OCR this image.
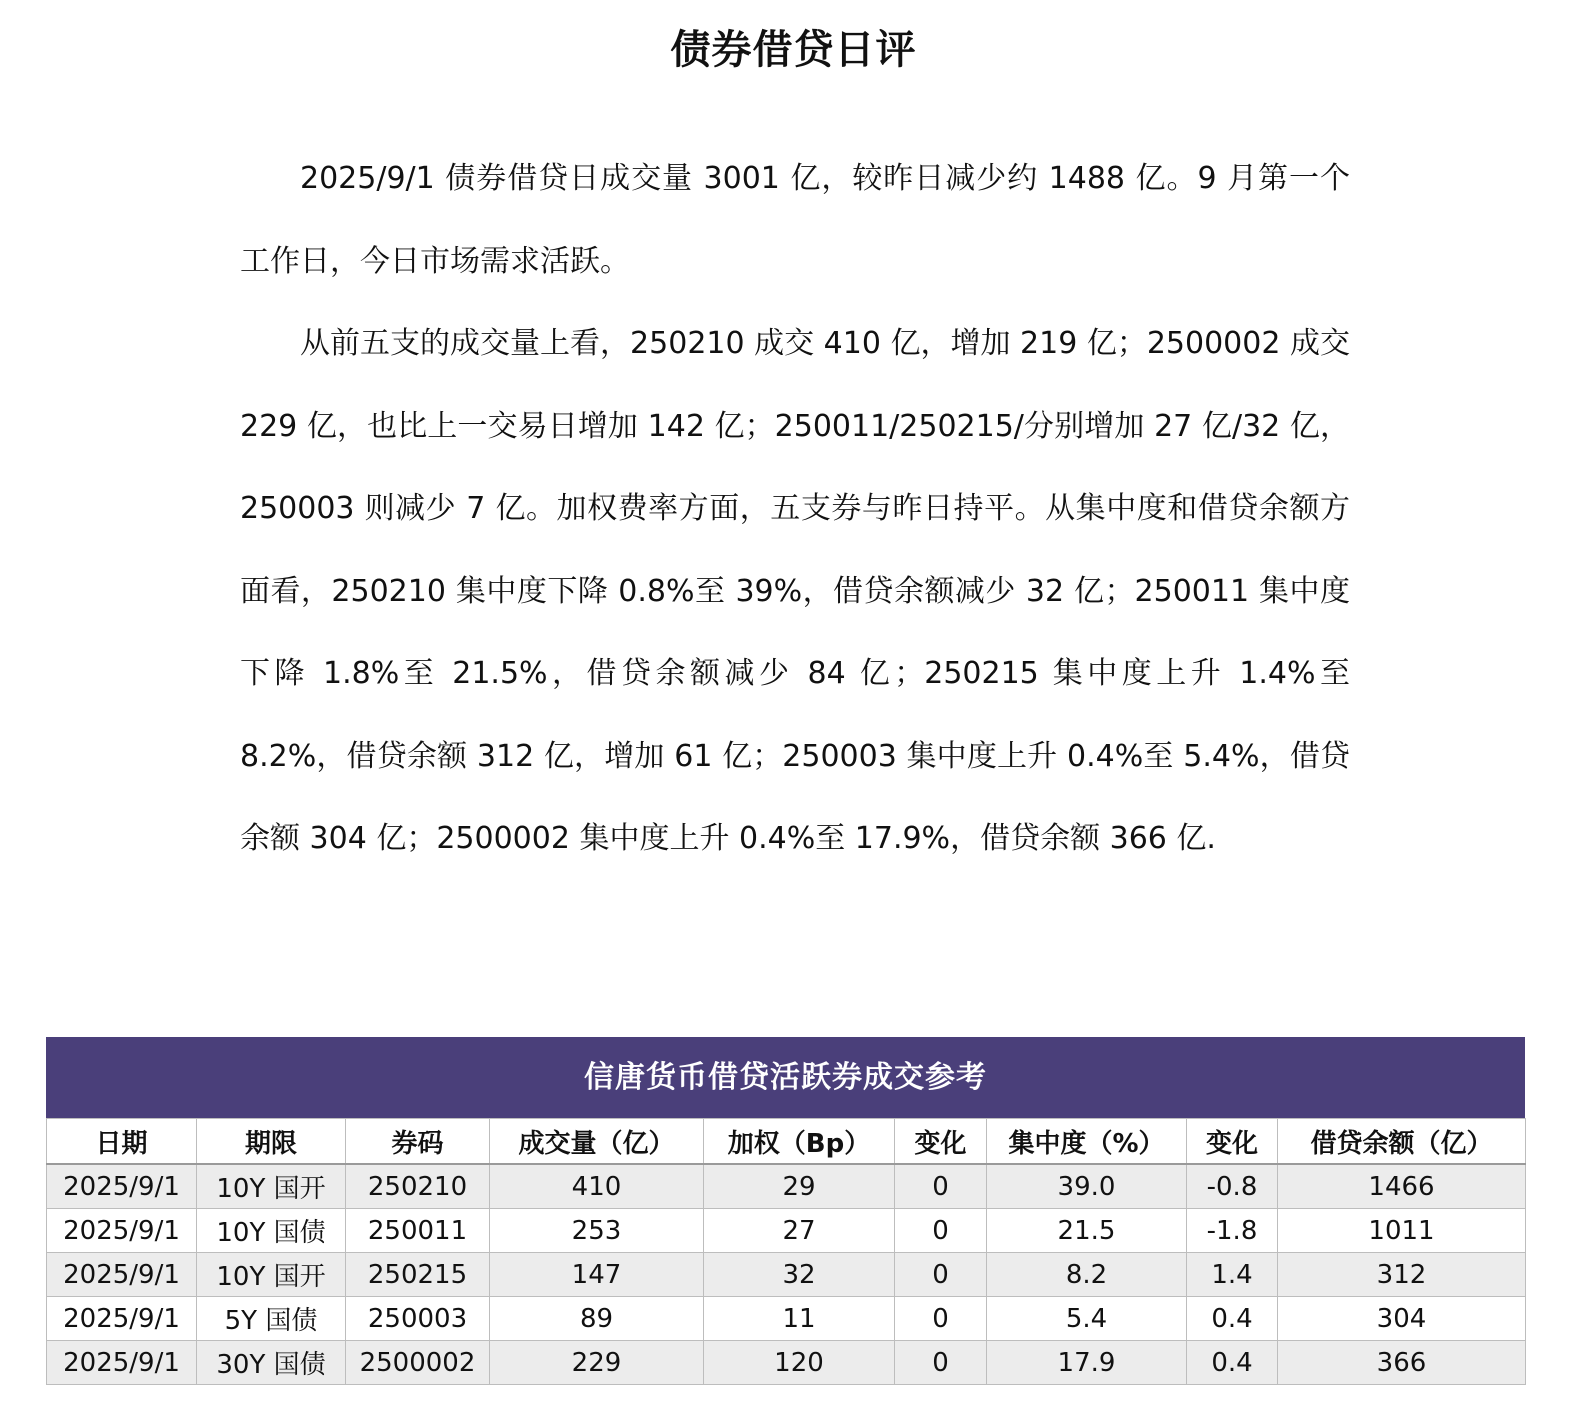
债券借贷日评

2025/9/1 债券借贷日成交量 3001 亿，较昨日减少约 1488 亿。9 月第一个工作日，今日市场需求活跃。

从前五支的成交量上看，250210 成交 410 亿，增加 219 亿；2500002 成交 229 亿，也比上一交易日增加 142 亿；250011/250215/分别增加 27 亿/32 亿，250003 则减少 7 亿。加权费率方面，五支券与昨日持平。从集中度和借贷余额方面看，250210 集中度下降 0.8%至 39%，借贷余额减少 32 亿；250011 集中度下降 1.8%至 21.5%，借贷余额减少 84 亿；250215 集中度上升 1.4%至 8.2%，借贷余额 312 亿，增加 61 亿；250003 集中度上升 0.4%至 5.4%，借贷余额 304 亿；2500002 集中度上升 0.4%至 17.9%，借贷余额 366 亿.

信唐货币借贷活跃券成交参考
日期	期限	券码	成交量（亿）	加权（Bp）	变化	集中度（%）	变化	借贷余额（亿）
2025/9/1	10Y 国开	250210	410	29	0	39.0	-0.8	1466
2025/9/1	10Y 国债	250011	253	27	0	21.5	-1.8	1011
2025/9/1	10Y 国开	250215	147	32	0	8.2	1.4	312
2025/9/1	5Y 国债	250003	89	11	0	5.4	0.4	304
2025/9/1	30Y 国债	2500002	229	120	0	17.9	0.4	366
